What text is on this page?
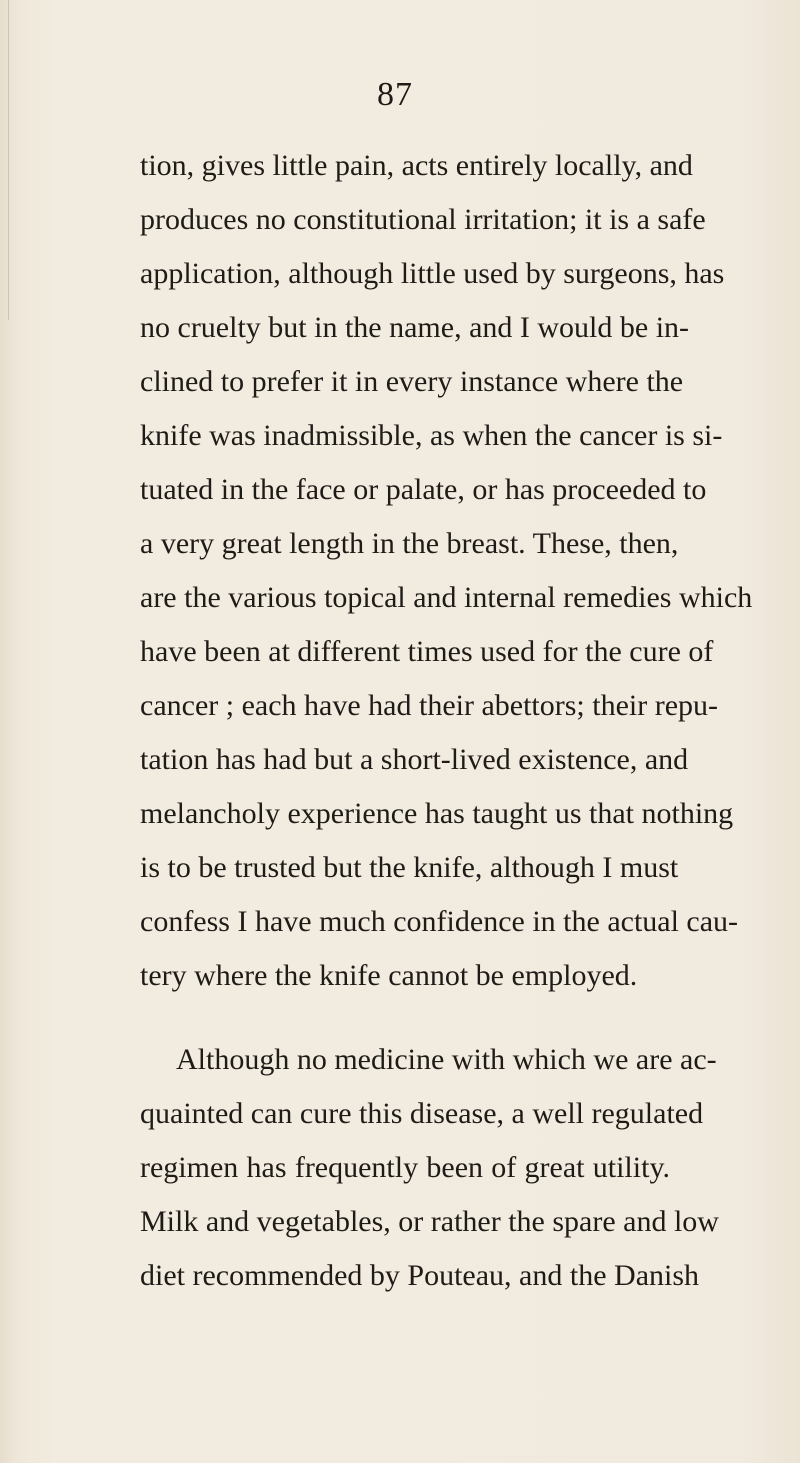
87
tion, gives little pain, acts entirely locally, and
produces no constitutional irritation; it is a safe
application, although little used by surgeons, has
no cruelty but in the name, and I would be in-
clined to prefer it in every instance where the
knife was inadmissible, as when the cancer is si-
tuated in the face or palate, or has proceeded to
a very great length in the breast. These, then,
are the various topical and internal remedies which
have been at different times used for the cure of
cancer ; each have had their abettors; their repu-
tation has had but a short-lived existence, and
melancholy experience has taught us that nothing
is to be trusted but the knife, although I must
confess I have much confidence in the actual cau-
tery where the knife cannot be employed.
Although no medicine with which we are ac-
quainted can cure this disease, a well regulated
regimen has frequently been of great utility.
Milk and vegetables, or rather the spare and low
diet recommended by Pouteau, and the Danish
